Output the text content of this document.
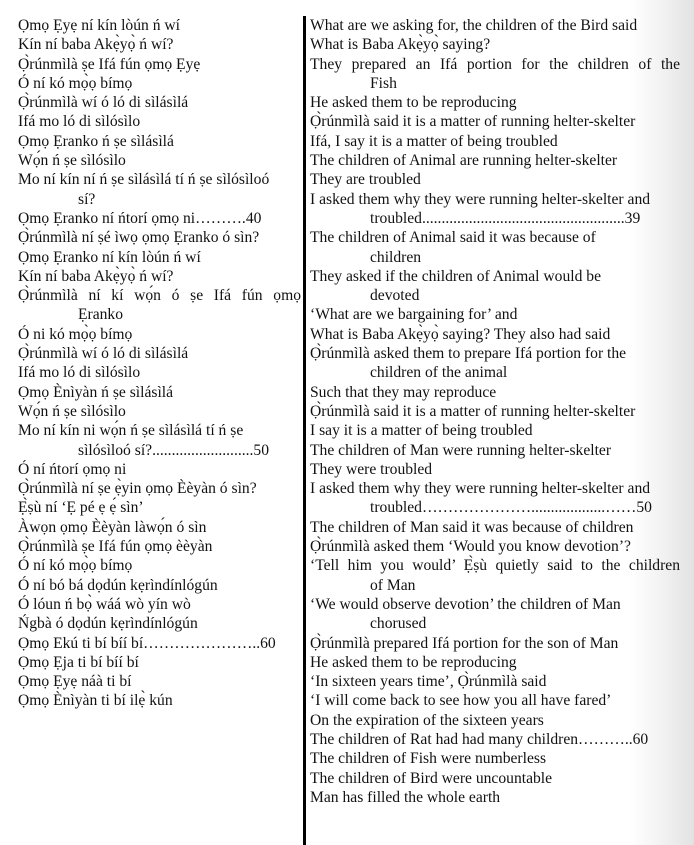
Ọmọ Ẹyẹ ní kín lòún ń wí
Kín ní baba Akẹ̀yọ̀ ń wí?
Ọ̀rúnmìlà ṣe Ifá fún ọmọ Ẹyẹ
Ó ní kó mọ̀ọ bímọ
Ọ̀rúnmìlà wí ó ló di sìlásìlá
Ifá mo ló di sìlósìlo
Ọmọ Ẹranko ń ṣe sìlásìlá
Wọ́n ń ṣe sìlósìlo
Mo ní kín ní ń ṣe sìlásìlá tí ń ṣe sìlósìloó
sí?
Ọmọ Ẹranko ní ńtorí ọmọ ni……….40
Ọ̀rúnmìlà ní ṣé ìwọ ọmọ Ẹranko ó sìn?
Ọmọ Ẹranko ní kín lòún ń wí
Kín ní baba Akẹ̀yọ̀ ń wí?
Ọ̀rúnmìlà ní kí wọ́n ó ṣe Ifá fún ọmọ
Ẹranko
Ó ni kó mọ̀ọ bímọ
Ọ̀rúnmìlà wí ó ló di sìlásìlá
Ifá mo ló di sìlósìlo
Ọmọ Ènìyàn ń ṣe sìlásìlá
Wọ́n ń ṣe sìlósìlo
Mo ní kín ni wọ́n ń ṣe sìlásìlá tí ń ṣe
sìlósìloó sí?..........................50
Ó ní ńtorí ọmọ ni
Ọ̀rúnmìlà ní ṣe ẹ̀yin ọmọ Èèyàn ó sìn?
Ẹ̀ṣù ní ‘Ẹ pé ẹ ẹ́ sìn’
Àwọn ọmọ Èèyàn làwọ́n ó sìn
Ọ̀rúnmìlà ṣe Ifá fún ọmọ èèyàn
Ó ní kó mọ̀ọ bímọ
Ó ní bó bá dọdún kẹrìndínlógún
Ó lóun ń bọ̀ wáá wò yín wò
Ńgbà ó dọdún kẹrìndínlógún
Ọmọ Ekú ti bí bíí bí…………………..60
Ọmọ Ẹja ti bí bíí bí
Ọmọ Ẹyẹ náà ti bí
Ọmọ Ènìyàn ti bí ilẹ̀ kún
What are we asking for, the children of the Bird said
What is Baba Akẹ̀yọ̀ saying?
They prepared an Ifá portion for the children of the
Fish
He asked them to be reproducing
Ọ̀rúnmìlà said it is a matter of running helter-skelter
Ifá, I say it is a matter of being troubled
The children of Animal are running helter-skelter
They are troubled
I asked them why they were running helter-skelter and
troubled....................................................39
The children of Animal said it was because of
children
They asked if the children of Animal would be
devoted
‘What are we bargaining for’ and
What is Baba Akẹ̀yọ̀ saying? They also had said
Ọ̀rúnmìlà asked them to prepare Ifá portion for the
children of the animal
Such that they may reproduce
Ọ̀rúnmìlà said it is a matter of running helter-skelter
I say it is a matter of being troubled
The children of Man were running helter-skelter
They were troubled
I asked them why they were running helter-skelter and
troubled…………………...................……50
The children of Man said it was because of children
Ọ̀rúnmìlà asked them ‘Would you know devotion’?
‘Tell him you would’ Ẹ̀ṣù quietly said to the children
of Man
‘We would observe devotion’ the children of Man
chorused
Ọ̀rúnmìlà prepared Ifá portion for the son of Man
He asked them to be reproducing
‘In sixteen years time’, Ọ̀rúnmìlà said
‘I will come back to see how you all have fared’
On the expiration of the sixteen years
The children of Rat had had many children………..60
The children of Fish were numberless
The children of Bird were uncountable
Man has filled the whole earth
